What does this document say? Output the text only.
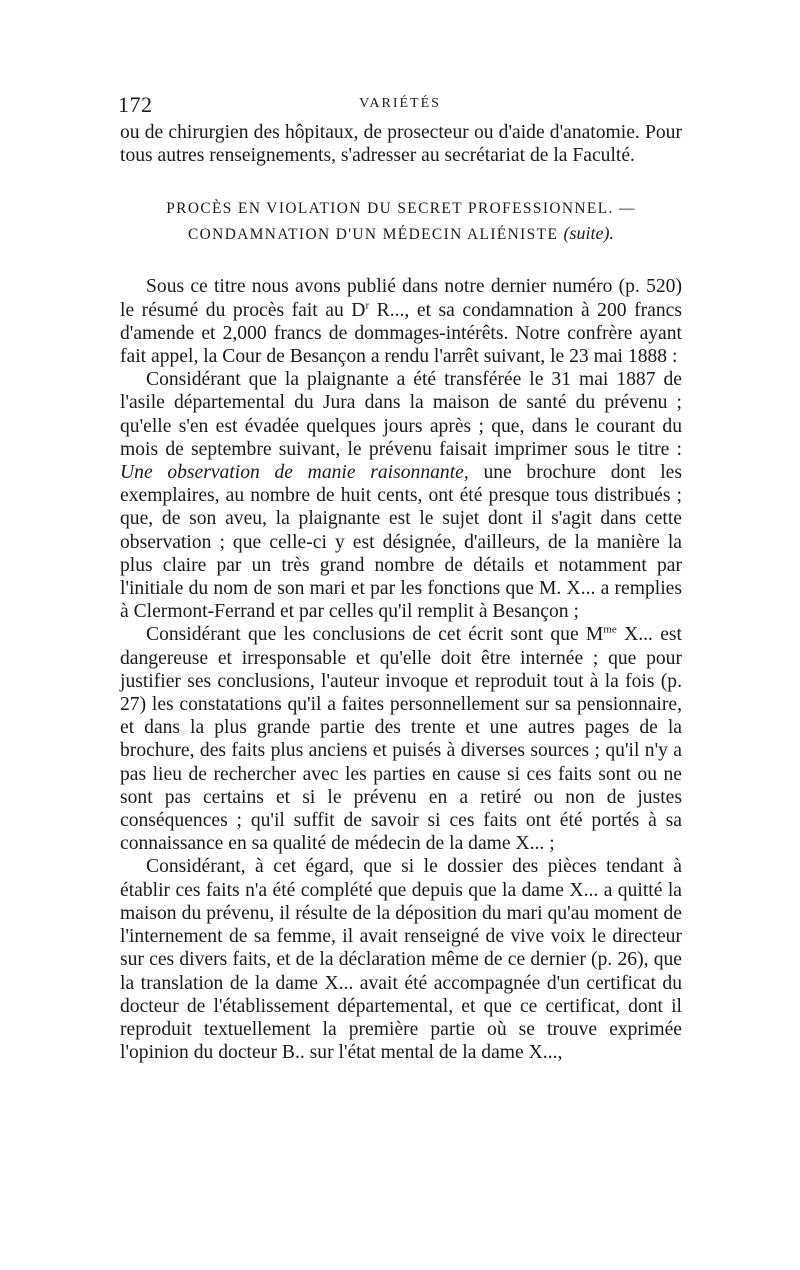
172	VARIÉTÉS

ou de chirurgien des hôpitaux, de prosecteur ou d'aide d'anatomie. Pour tous autres renseignements, s'adresser au secrétariat de la Faculté.

PROCÈS EN VIOLATION DU SECRET PROFESSIONNEL. — CONDAMNATION D'UN MÉDECIN ALIÉNISTE (suite).

Sous ce titre nous avons publié dans notre dernier numéro (p. 520) le résumé du procès fait au $D^r$ R..., et sa condamnation à 200 francs d'amende et 2,000 francs de dommages-intérêts. Notre confrère ayant fait appel, la Cour de Besançon a rendu l'arrêt suivant, le 23 mai 1888 :

Considérant que la plaignante a été transférée le 31 mai 1887 de l'asile départemental du Jura dans la maison de santé du prévenu ; qu'elle s'en est évadée quelques jours après ; que, dans le courant du mois de septembre suivant, le prévenu faisait imprimer sous le titre : Une observation de manie raisonnante, une brochure dont les exemplaires, au nombre de huit cents, ont été presque tous distribués ; que, de son aveu, la plaignante est le sujet dont il s'agit dans cette observation ; que celle-ci y est désignée, d'ailleurs, de la manière la plus claire par un très grand nombre de détails et notamment par l'initiale du nom de son mari et par les fonctions que M. X... a remplies à Clermont-Ferrand et par celles qu'il remplit à Besançon ;

Considérant que les conclusions de cet écrit sont que $M^{me}$ X... est dangereuse et irresponsable et qu'elle doit être internée ; que pour justifier ses conclusions, l'auteur invoque et reproduit tout à la fois (p. 27) les constatations qu'il a faites personnellement sur sa pensionnaire, et dans la plus grande partie des trente et une autres pages de la brochure, des faits plus anciens et puisés à diverses sources ; qu'il n'y a pas lieu de rechercher avec les parties en cause si ces faits sont ou ne sont pas certains et si le prévenu en a retiré ou non de justes conséquences ; qu'il suffit de savoir si ces faits ont été portés à sa connaissance en sa qualité de médecin de la dame X... ;

Considérant, à cet égard, que si le dossier des pièces tendant à établir ces faits n'a été complété que depuis que la dame X... a quitté la maison du prévenu, il résulte de la déposition du mari qu'au moment de l'internement de sa femme, il avait renseigné de vive voix le directeur sur ces divers faits, et de la déclaration même de ce dernier (p. 26), que la translation de la dame X... avait été accompagnée d'un certificat du docteur de l'établissement départemental, et que ce certificat, dont il reproduit textuellement la première partie où se trouve exprimée l'opinion du docteur B.. sur l'état mental de la dame X...,
